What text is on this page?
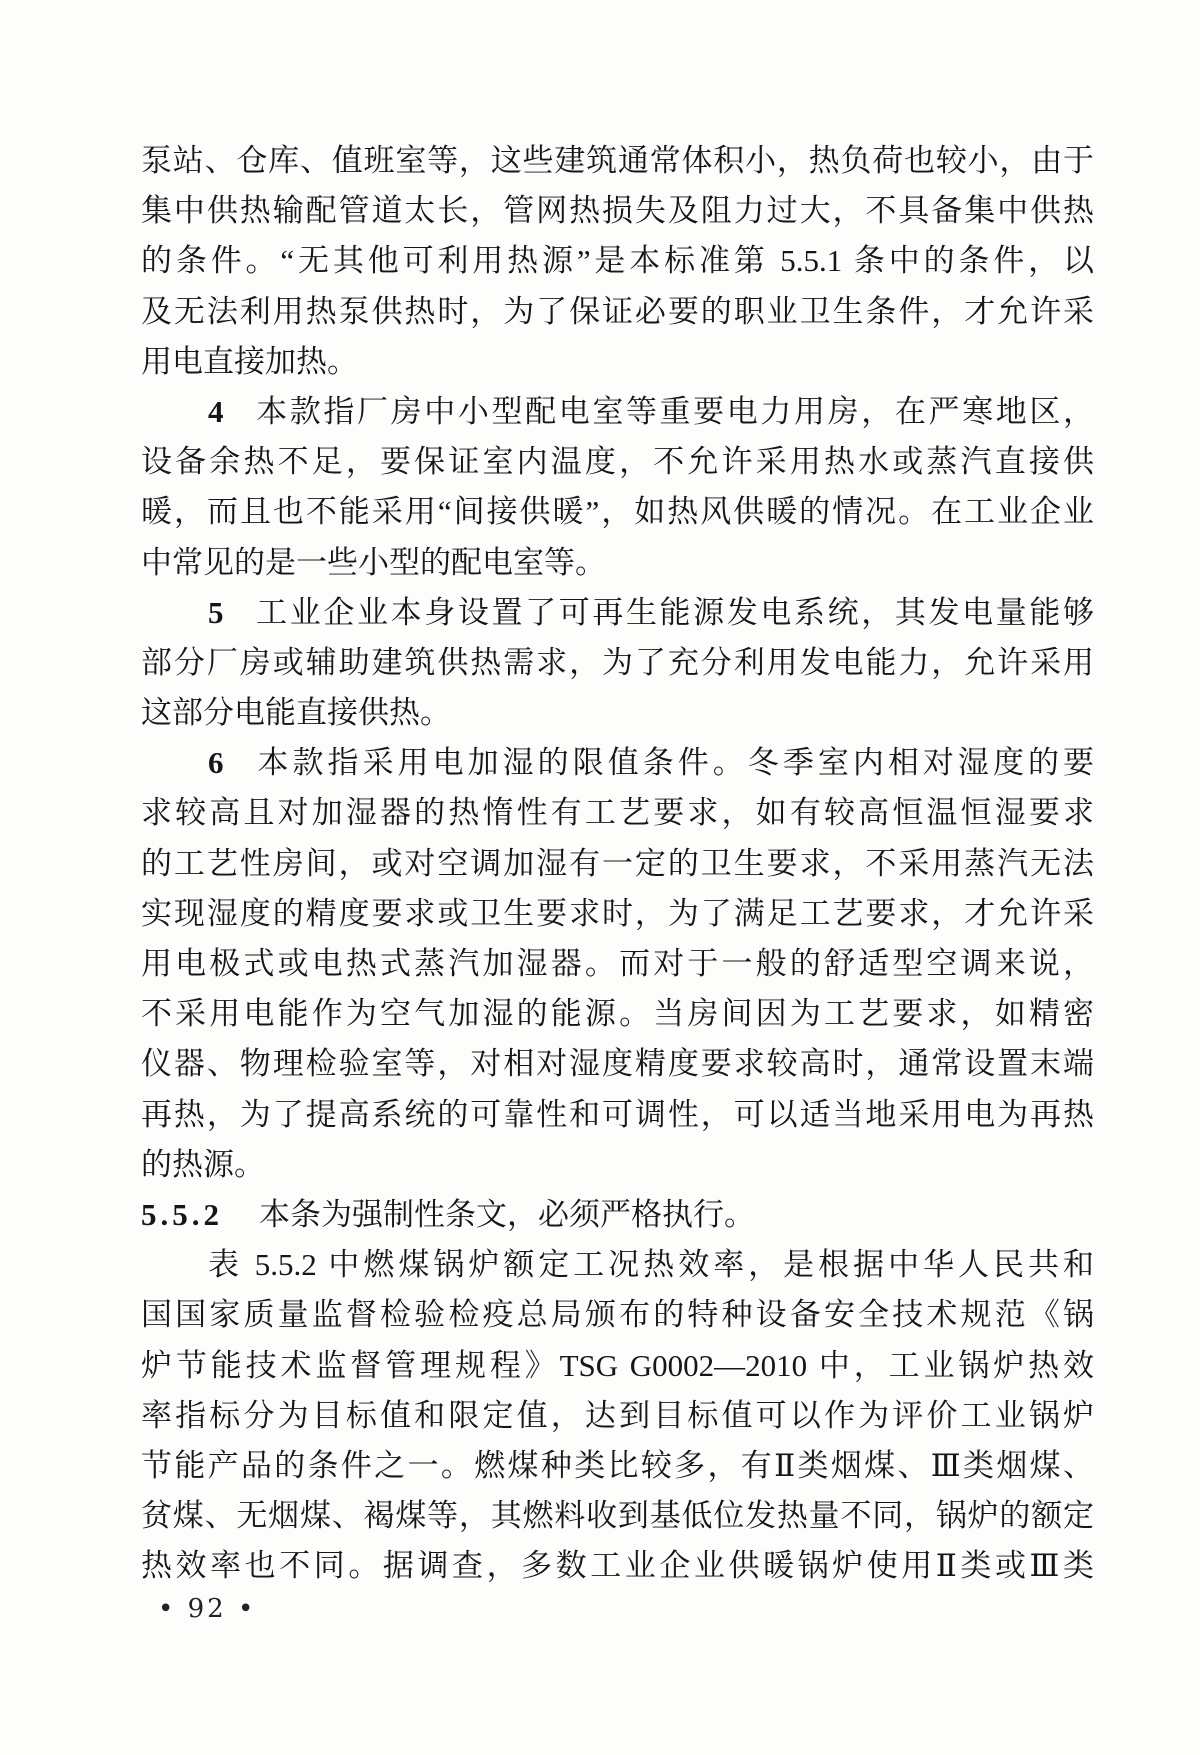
泵站、仓库、值班室等，这些建筑通常体积小，热负荷也较小，由于
集中供热输配管道太长，管网热损失及阻力过大，不具备集中供热
的条件。“无其他可利用热源”是本标准第 5.5.1 条中的条件，以
及无法利用热泵供热时，为了保证必要的职业卫生条件，才允许采
用电直接加热。
4 本款指厂房中小型配电室等重要电力用房，在严寒地区，
设备余热不足，要保证室内温度，不允许采用热水或蒸汽直接供
暖，而且也不能采用“间接供暖”，如热风供暖的情况。在工业企业
中常见的是一些小型的配电室等。
5 工业企业本身设置了可再生能源发电系统，其发电量能够
部分厂房或辅助建筑供热需求，为了充分利用发电能力，允许采用
这部分电能直接供热。
6 本款指采用电加湿的限值条件。冬季室内相对湿度的要
求较高且对加湿器的热惰性有工艺要求，如有较高恒温恒湿要求
的工艺性房间，或对空调加湿有一定的卫生要求，不采用蒸汽无法
实现湿度的精度要求或卫生要求时，为了满足工艺要求，才允许采
用电极式或电热式蒸汽加湿器。而对于一般的舒适型空调来说，
不采用电能作为空气加湿的能源。当房间因为工艺要求，如精密
仪器、物理检验室等，对相对湿度精度要求较高时，通常设置末端
再热，为了提高系统的可靠性和可调性，可以适当地采用电为再热
的热源。
5.5.2 本条为强制性条文，必须严格执行。
表 5.5.2 中燃煤锅炉额定工况热效率，是根据中华人民共和
国国家质量监督检验检疫总局颁布的特种设备安全技术规范《锅
炉节能技术监督管理规程》TSG G0002—2010 中，工业锅炉热效
率指标分为目标值和限定值，达到目标值可以作为评价工业锅炉
节能产品的条件之一。燃煤种类比较多，有Ⅱ类烟煤、Ⅲ类烟煤、
贫煤、无烟煤、褐煤等，其燃料收到基低位发热量不同，锅炉的额定
热效率也不同。据调查，多数工业企业供暖锅炉使用Ⅱ类或Ⅲ类
• 92 •
